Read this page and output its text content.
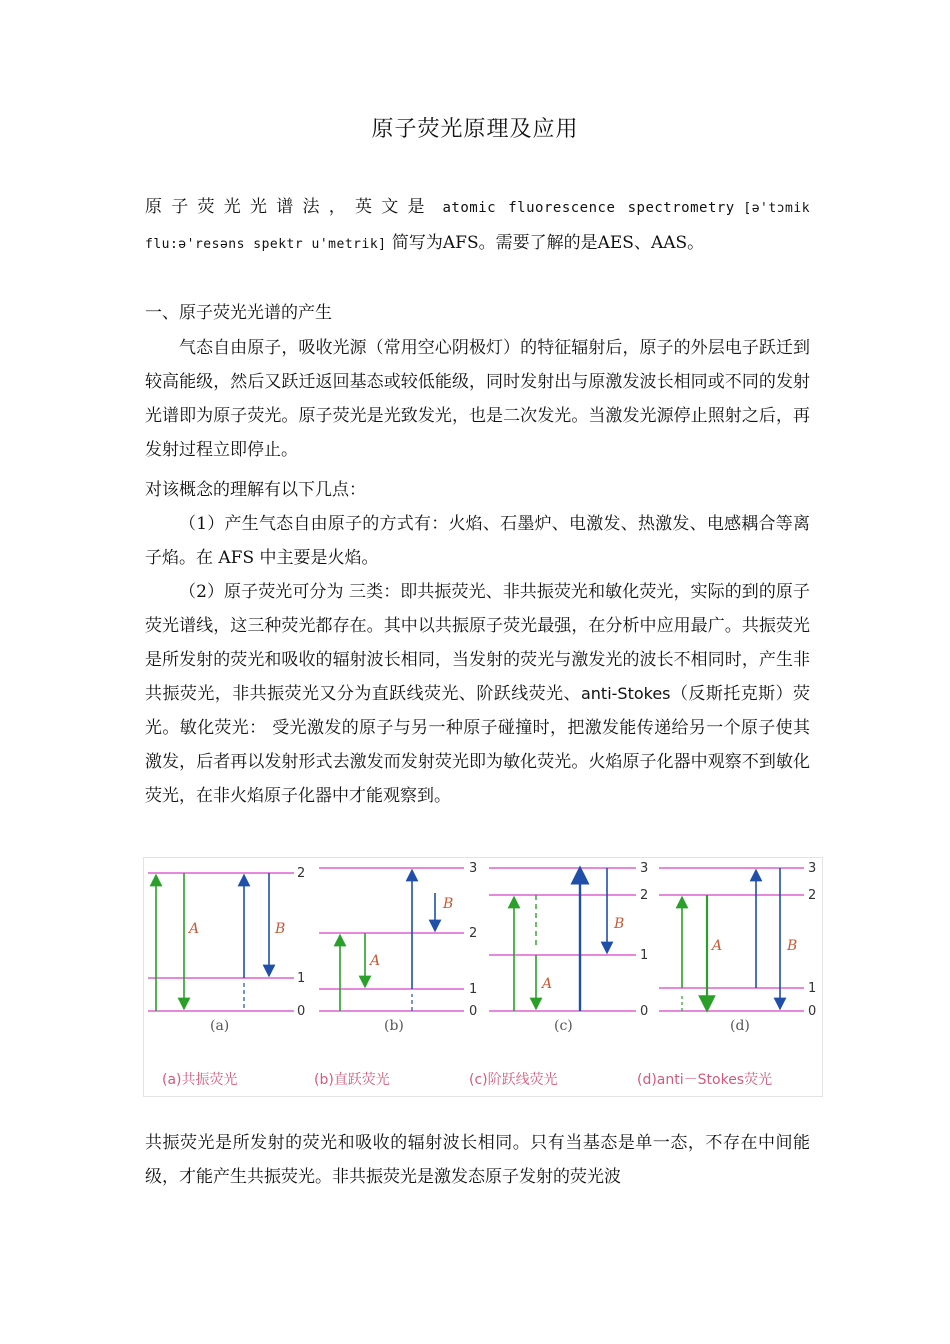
原子荧光原理及应用

原子荧光光谱法，英文是 atomic fluorescence spectrometry [ə'tɔmik flu:ə'resəns spektr u'metrik] 简写为AFS。需要了解的是AES、AAS。

一、原子荧光光谱的产生

气态自由原子，吸收光源（常用空心阴极灯）的特征辐射后，原子的外层电子跃迁到较高能级，然后又跃迁返回基态或较低能级，同时发射出与原激发波长相同或不同的发射光谱即为原子荧光。原子荧光是光致发光，也是二次发光。当激发光源停止照射之后，再发射过程立即停止。

对该概念的理解有以下几点：

（1）产生气态自由原子的方式有：火焰、石墨炉、电激发、热激发、电感耦合等离子焰。在 AFS 中主要是火焰。

（2）原子荧光可分为 三类：即共振荧光、非共振荧光和敏化荧光，实际的到的原子荧光谱线，这三种荧光都存在。其中以共振原子荧光最强，在分析中应用最广。共振荧光是所发射的荧光和吸收的辐射波长相同，当发射的荧光与激发光的波长不相同时，产生非共振荧光，非共振荧光又分为直跃线荧光、阶跃线荧光、anti-Stokes（反斯托克斯）荧光。敏化荧光： 受光激发的原子与另一种原子碰撞时，把激发能传递给另一个原子使其激发，后者再以发射形式去激发而发射荧光即为敏化荧光。火焰原子化器中观察不到敏化荧光，在非火焰原子化器中才能观察到。

2
1
0
A	B
(a)
(a)共振荧光
3
2
1
0
A
B
(b)
(b)直跃荧光
3
2
1
0
A
B
(c)
(c)阶跃线荧光
3
2
1
0
A	B
(d)
(d)anti－Stokes荧光

共振荧光是所发射的荧光和吸收的辐射波长相同。只有当基态是单一态，不存在中间能级，才能产生共振荧光。非共振荧光是激发态原子发射的荧光波
